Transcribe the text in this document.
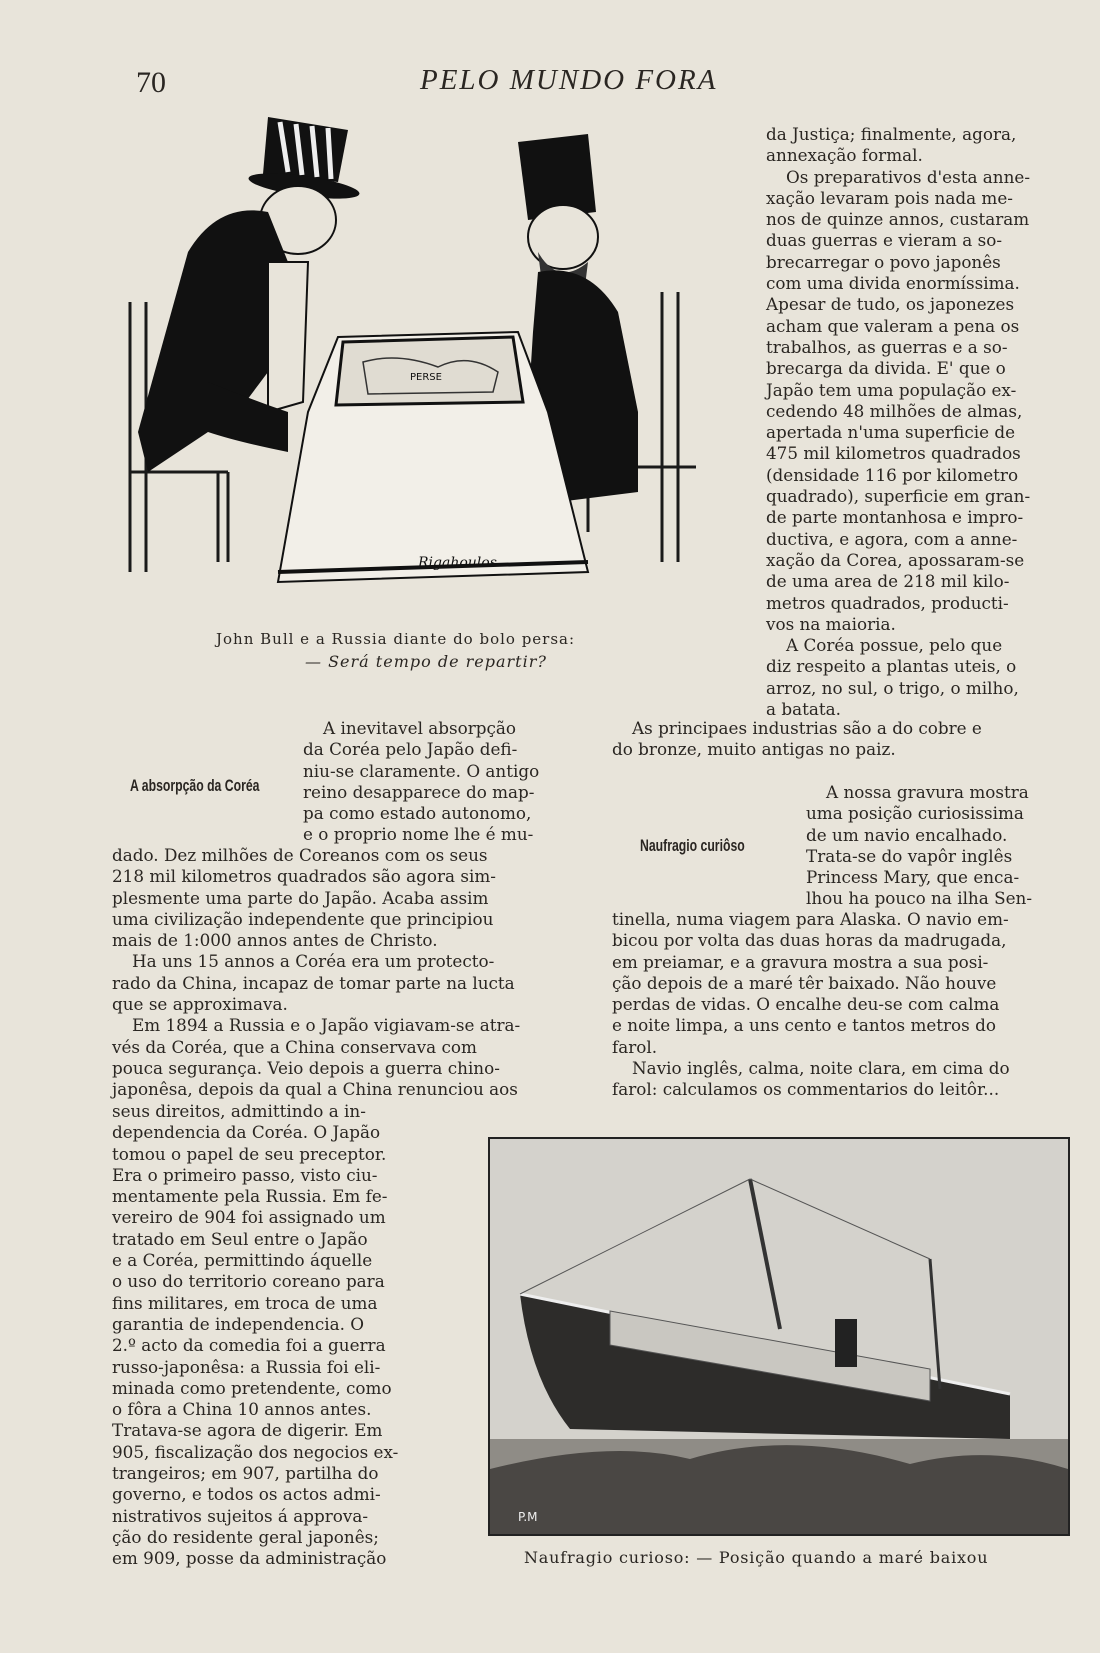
70	PELO MUNDO FORA
PERSE
Rigahoulos
John Bull e a Russia diante do bolo persa:
— Será tempo de repartir?
da Justiça; finalmente, agora,
annexação formal.
Os preparativos d'esta anne-
xação levaram pois nada me-
nos de quinze annos, custaram
duas guerras e vieram a so-
brecarregar o povo japonês
com uma divida enormíssima.
Apesar de tudo, os japonezes
acham que valeram a pena os
trabalhos, as guerras e a so-
brecarga da divida. E' que o
Japão tem uma população ex-
cedendo 48 milhões de almas,
apertada n'uma superficie de
475 mil kilometros quadrados
(densidade 116 por kilometro
quadrado), superficie em gran-
de parte montanhosa e impro-
ductiva, e agora, com a anne-
xação da Corea, apossaram-se
de uma area de 218 mil kilo-
metros quadrados, producti-
vos na maioria.
A Coréa possue, pelo que
diz respeito a plantas uteis, o
arroz, no sul, o trigo, o milho,
a batata.
As principaes industrias são a do cobre e
do bronze, muito antigas no paiz.
A absorpção da Coréa
A inevitavel absorpção
da Coréa pelo Japão defi-
niu-se claramente. O antigo
reino desapparece do map-
pa como estado autonomo,
e o proprio nome lhe é mu-
dado. Dez milhões de Coreanos com os seus
218 mil kilometros quadrados são agora sim-
plesmente uma parte do Japão. Acaba assim
uma civilização independente que principiou
mais de 1:000 annos antes de Christo.
Ha uns 15 annos a Coréa era um protecto-
rado da China, incapaz de tomar parte na lucta
que se approximava.
Em 1894 a Russia e o Japão vigiavam-se atra-
vés da Coréa, que a China conservava com
pouca segurança. Veio depois a guerra chino-
japonêsa, depois da qual a China renunciou aos
seus direitos, admittindo a in-
dependencia da Coréa. O Japão
tomou o papel de seu preceptor.
Era o primeiro passo, visto ciu-
mentamente pela Russia. Em fe-
vereiro de 904 foi assignado um
tratado em Seul entre o Japão
e a Coréa, permittindo áquelle
o uso do territorio coreano para
fins militares, em troca de uma
garantia de independencia. O
2.º acto da comedia foi a guerra
russo-japonêsa: a Russia foi eli-
minada como pretendente, como
o fôra a China 10 annos antes.
Tratava-se agora de digerir. Em
905, fiscalização dos negocios ex-
trangeiros; em 907, partilha do
governo, e todos os actos admi-
nistrativos sujeitos á approva-
ção do residente geral japonês;
em 909, posse da administração
Naufragio curiôso
A nossa gravura mostra
uma posição curiosissima
de um navio encalhado.
Trata-se do vapôr inglês
Princess Mary, que enca-
lhou ha pouco na ilha Sen-
tinella, numa viagem para Alaska. O navio em-
bicou por volta das duas horas da madrugada,
em preiamar, e a gravura mostra a sua posi-
ção depois de a maré têr baixado. Não houve
perdas de vidas. O encalhe deu-se com calma
e noite limpa, a uns cento e tantos metros do
farol.
Navio inglês, calma, noite clara, em cima do
farol: calculamos os commentarios do leitôr...
P.M
Naufragio curioso: — Posição quando a maré baixou
